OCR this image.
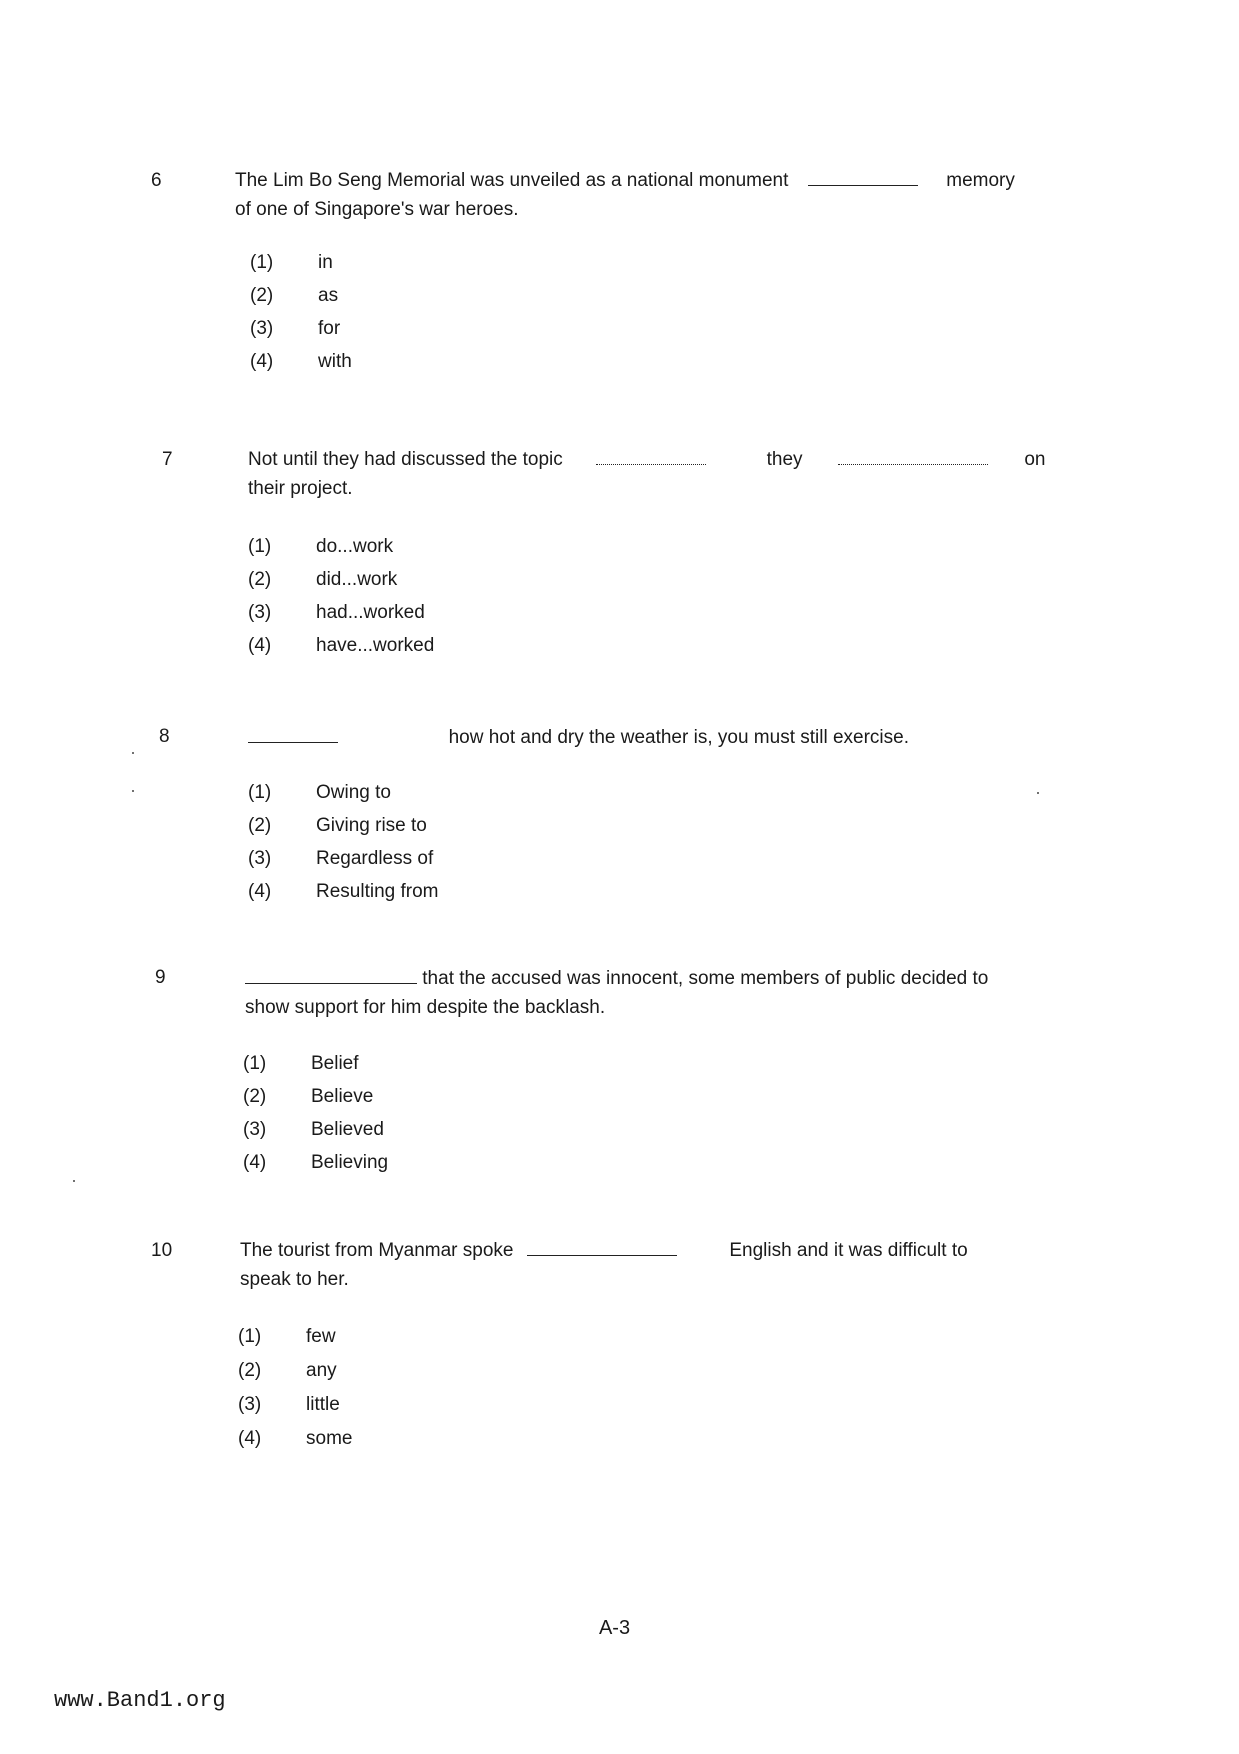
6	The Lim Bo Seng Memorial was unveiled as a national monument	memory
of one of Singapore's war heroes.
(1)	in
(2)	as
(3)	for
(4)	with
7	Not until they had discussed the topic	they	on
their project.
(1)	do...work
(2)	did...work
(3)	had...worked
(4)	have...worked
8	how hot and dry the weather is, you must still exercise.
(1)	Owing to
(2)	Giving rise to
(3)	Regardless of
(4)	Resulting from
9	that the accused was innocent, some members of public decided to
show support for him despite the backlash.
(1)	Belief
(2)	Believe
(3)	Believed
(4)	Believing
10	The tourist from Myanmar spoke	English and it was difficult to
speak to her.
(1)	few
(2)	any
(3)	little
(4)	some
A-3
www.Band1.org
